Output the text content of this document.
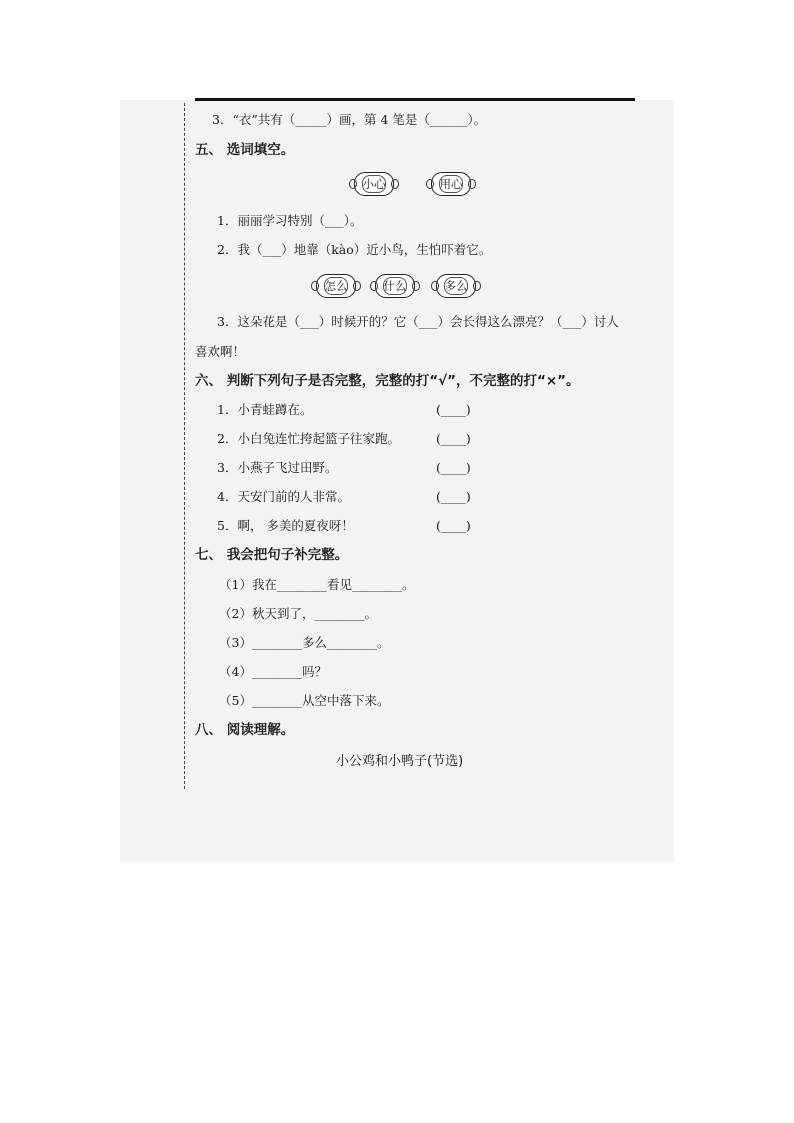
3．“衣”共有（_____）画，第 4 笔是（______）。
五、 选词填空。
小心	用心
1．丽丽学习特别（___）。
2．我（___）地靠（kào）近小鸟，生怕吓着它。
怎么	什么	多么
3．这朵花是（___）时候开的？它（___）会长得这么漂亮？（___）讨人
喜欢啊！
六、 判断下列句子是否完整，完整的打“√”，不完整的打“×”。
1．小青蛙蹲在。	(____)
2．小白兔连忙挎起篮子往家跑。	(____)
3．小燕子飞过田野。	(____)
4．天安门前的人非常。	(____)
5．啊， 多美的夏夜呀！	(____)
七、 我会把句子补完整。
（1）我在________看见________。
（2）秋天到了，________。
（3）________多么________。
（4）________吗？
（5）________从空中落下来。
八、 阅读理解。
小公鸡和小鸭子(节选)
